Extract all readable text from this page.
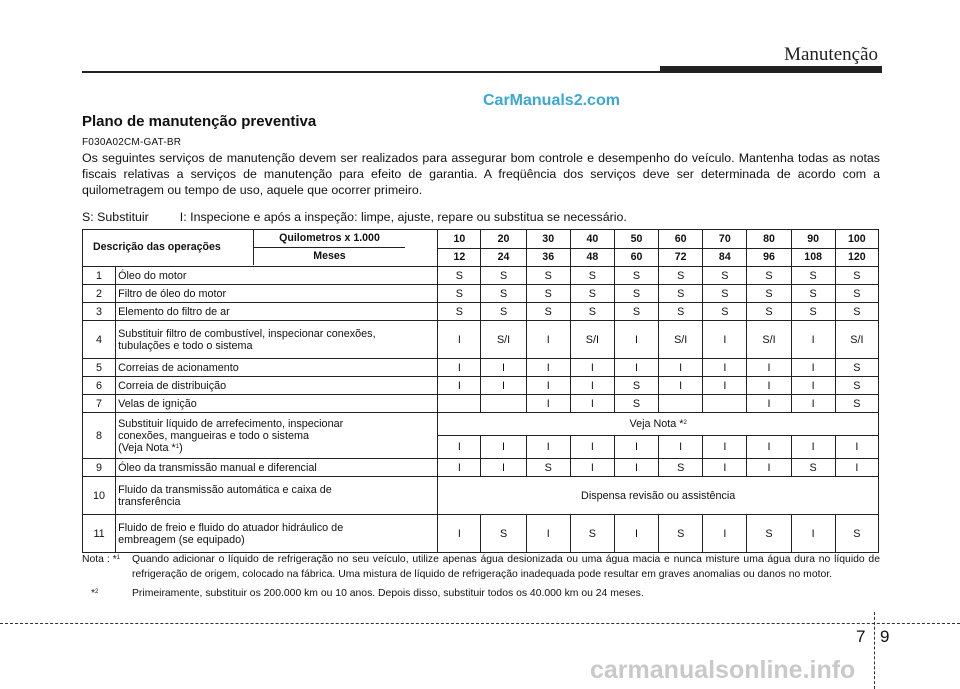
Manutenção
CarManuals2.com
Plano de manutenção preventiva
F030A02CM-GAT-BR
Os seguintes serviços de manutenção devem ser realizados para assegurar bom controle e desempenho do veículo. Mantenha todas as notas fiscais relativas a serviços de manutenção para efeito de garantia. A freqüência dos serviços deve ser determinada de acordo com a quilometragem ou tempo de uso, aquele que ocorrer primeiro.
S: Substituir I: Inspecione e após a inspeção: limpe, ajuste, repare ou substitua se necessário.
Descrição das operações
Quilometros x 1.000
Meses		10	20	30	40	50	60	70	80	90	100
		12	24	36	48	60	72	84	96	108	120
1	Óleo do motor	S	S	S	S	S	S	S	S	S	S
2	Filtro de óleo do motor	S	S	S	S	S	S	S	S	S	S
3	Elemento do filtro de ar	S	S	S	S	S	S	S	S	S	S
4	Substituir filtro de combustível, inspecionar conexões,
tubulações e todo o sistema	I	S/I	I	S/I	I	S/I	I	S/I	I	S/I
5	Correias de acionamento	I	I	I	I	I	I	I	I	I	S
6	Correia de distribuição	I	I	I	I	S	I	I	I	I	S
7	Velas de ignição			I	I	S			I	I	S
8	Substituir líquido de arrefecimento, inspecionar
conexões, mangueiras e todo o sistema
(Veja Nota *$^1$)	Veja Nota *$^2$
		I	I	I	I	I	I	I	I	I	I
9	Óleo da transmissão manual e diferencial	I	I	S	I	I	S	I	I	S	I
10	Fluido da transmissão automática e caixa de
transferência	Dispensa revisão ou assistência									
11	Fluido de freio e fluido do atuador hidráulico de
embreagem (se equipado)	I	S	I	S	I	S	I	S	I	S
Nota : *$^1$ Quando adicionar o líquido de refrigeração no seu veículo, utilize apenas água desionizada ou uma água macia e nunca misture uma água dura no líquido de refrigeração de origem, colocado na fábrica. Uma mistura de líquido de refrigeração inadequada pode resultar em graves anomalias ou danos no motor.
*$^2$	Primeiramente, substituir os 200.000 km ou 10 anos. Depois disso, substituir todos os 40.000 km ou 24 meses.
7 9
carmanualsonline.info
